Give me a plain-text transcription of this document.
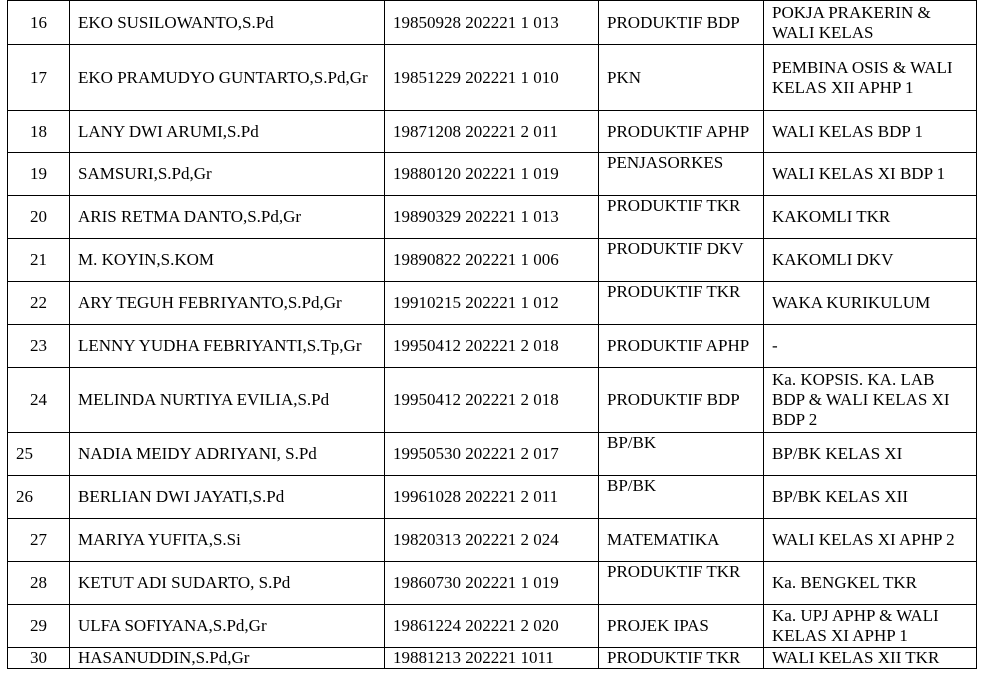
16	EKO SUSILOWANTO,S.Pd	19850928 202221 1 013	PRODUKTIF BDP	POKJA PRAKERIN & WALI KELAS
17	EKO PRAMUDYO GUNTARTO,S.Pd,Gr	19851229 202221 1 010	PKN	PEMBINA OSIS & WALI KELAS XII APHP 1
18	LANY DWI ARUMI,S.Pd	19871208 202221 2 011	PRODUKTIF APHP	WALI KELAS BDP 1
19	SAMSURI,S.Pd,Gr	19880120 202221 1 019	PENJASORKES	WALI KELAS XI BDP 1
20	ARIS RETMA DANTO,S.Pd,Gr	19890329 202221 1 013	PRODUKTIF TKR	KAKOMLI TKR
21	M. KOYIN,S.KOM	19890822 202221 1 006	PRODUKTIF DKV	KAKOMLI DKV
22	ARY TEGUH FEBRIYANTO,S.Pd,Gr	19910215 202221 1 012	PRODUKTIF TKR	WAKA KURIKULUM
23	LENNY YUDHA FEBRIYANTI,S.Tp,Gr	19950412 202221 2 018	PRODUKTIF APHP	-
24	MELINDA NURTIYA EVILIA,S.Pd	19950412 202221 2 018	PRODUKTIF BDP	Ka. KOPSIS. KA. LAB BDP & WALI KELAS XI BDP 2
25	NADIA MEIDY ADRIYANI, S.Pd	19950530 202221 2 017	BP/BK	BP/BK KELAS XI
26	BERLIAN DWI JAYATI,S.Pd	19961028 202221 2 011	BP/BK	BP/BK KELAS XII
27	MARIYA YUFITA,S.Si	19820313 202221 2 024	MATEMATIKA	WALI KELAS XI APHP 2
28	KETUT ADI SUDARTO, S.Pd	19860730 202221 1 019	PRODUKTIF TKR	Ka. BENGKEL TKR
29	ULFA SOFIYANA,S.Pd,Gr	19861224 202221 2 020	PROJEK IPAS	Ka. UPJ APHP & WALI KELAS XI APHP 1
30	HASANUDDIN,S.Pd,Gr	19881213 202221 1011	PRODUKTIF TKR	WALI KELAS XII TKR
